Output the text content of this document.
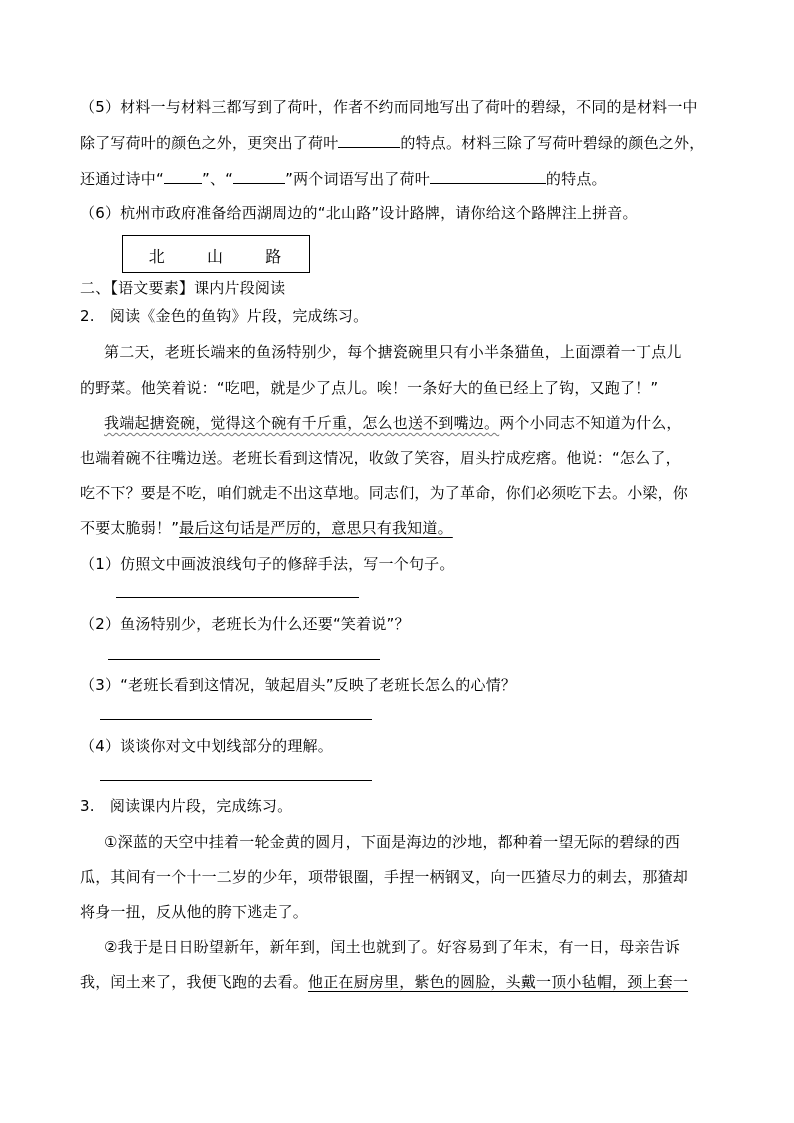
（5）材料一与材料三都写到了荷叶，作者不约而同地写出了荷叶的碧绿，不同的是材料一中
除了写荷叶的颜色之外，更突出了荷叶	的特点。材料三除了写荷叶碧绿的颜色之外，
还通过诗中“	”、“	”两个词语写出了荷叶	的特点。
（6）杭州市政府准备给西湖周边的“北山路”设计路牌，请你给这个路牌注上拼音。
北	山	路
二、【语文要素】课内片段阅读
2.　阅读《金色的鱼钩》片段，完成练习。
第二天，老班长端来的鱼汤特别少，每个搪瓷碗里只有小半条猫鱼，上面漂着一丁点儿
的野菜。他笑着说：“吃吧，就是少了点儿。唉！一条好大的鱼已经上了钩，又跑了！”
我端起搪瓷碗，觉得这个碗有千斤重，怎么也送不到嘴边。两个小同志不知道为什么，
也端着碗不往嘴边送。老班长看到这情况，收敛了笑容，眉头拧成疙瘩。他说：“怎么了，
吃不下？要是不吃，咱们就走不出这草地。同志们，为了革命，你们必须吃下去。小梁，你
不要太脆弱！”最后这句话是严厉的，意思只有我知道。
（1）仿照文中画波浪线句子的修辞手法，写一个句子。
（2）鱼汤特别少，老班长为什么还要“笑着说”？
（3）“老班长看到这情况，皱起眉头”反映了老班长怎么的心情？
（4）谈谈你对文中划线部分的理解。
3.　阅读课内片段，完成练习。
①深蓝的天空中挂着一轮金黄的圆月，下面是海边的沙地，都种着一望无际的碧绿的西
瓜，其间有一个十一二岁的少年，项带银圈，手捏一柄钢叉，向一匹猹尽力的刺去，那猹却
将身一扭，反从他的胯下逃走了。
②我于是日日盼望新年，新年到，闰土也就到了。好容易到了年末，有一日，母亲告诉
我，闰土来了，我便飞跑的去看。他正在厨房里，紫色的圆脸，头戴一顶小毡帽，颈上套一
